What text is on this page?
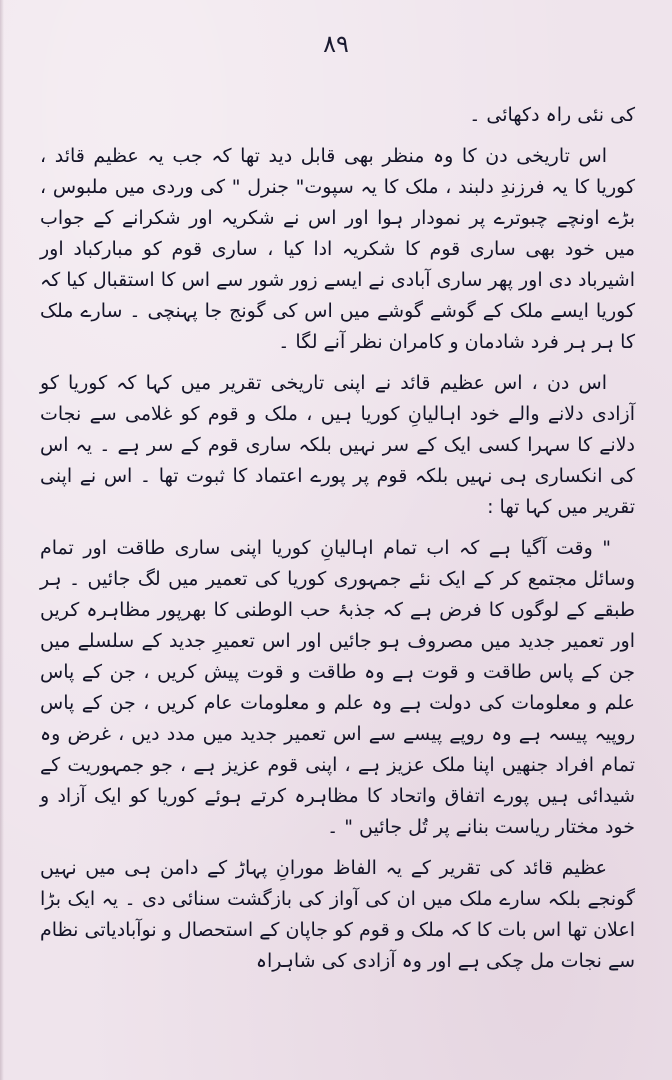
۸۹

کی نئی راہ دکھائی ۔

اس تاریخی دن کا وہ منظر بھی قابل دید تھا کہ جب یہ عظیم قائد ، کوریا کا یہ فرزندِ دلبند ، ملک کا یہ سپوت" جنرل " کی وردی میں ملبوس ، بڑے اونچے چبوترے پر نمودار ہوا اور اس نے شکریہ اور شکرانے کے جواب میں خود بھی ساری قوم کا شکریہ ادا کیا ، ساری قوم کو مبارکباد اور اشیرباد دی اور پھر ساری آبادی نے ایسے زور شور سے اس کا استقبال کیا کہ کوریا ایسے ملک کے گوشے گوشے میں اس کی گونج جا پہنچی ۔ سارے ملک کا ہر ہر فرد شادمان و کامران نظر آنے لگا ۔

اس دن ، اس عظیم قائد نے اپنی تاریخی تقریر میں کہا کہ کوریا کو آزادی دلانے والے خود اہالیانِ کوریا ہیں ، ملک و قوم کو غلامی سے نجات دلانے کا سہرا کسی ایک کے سر نہیں بلکہ ساری قوم کے سر ہے ۔ یہ اس کی انکساری ہی نہیں بلکہ قوم پر پورے اعتماد کا ثبوت تھا ۔ اس نے اپنی تقریر میں کہا تھا :

" وقت آگیا ہے کہ اب تمام اہالیانِ کوریا اپنی ساری طاقت اور تمام وسائل مجتمع کر کے ایک نئے جمہوری کوریا کی تعمیر میں لگ جائیں ۔ ہر طبقے کے لوگوں کا فرض ہے کہ جذبۂ حب الوطنی کا بھرپور مظاہرہ کریں اور تعمیر جدید میں مصروف ہو جائیں اور اس تعمیرِ جدید کے سلسلے میں جن کے پاس طاقت و قوت ہے وہ طاقت و قوت پیش کریں ، جن کے پاس علم و معلومات کی دولت ہے وہ علم و معلومات عام کریں ، جن کے پاس روپیہ پیسہ ہے وہ روپے پیسے سے اس تعمیر جدید میں مدد دیں ، غرض وہ تمام افراد جنھیں اپنا ملک عزیز ہے ، اپنی قوم عزیز ہے ، جو جمہوریت کے شیدائی ہیں پورے اتفاق واتحاد کا مظاہرہ کرتے ہوئے کوریا کو ایک آزاد و خود مختار ریاست بنانے پر تُل جائیں " ۔

عظیم قائد کی تقریر کے یہ الفاظ مورانِ پہاڑ کے دامن ہی میں نہیں گونجے بلکہ سارے ملک میں ان کی آواز کی بازگشت سنائی دی ۔ یہ ایک بڑا اعلان تھا اس بات کا کہ ملک و قوم کو جاپان کے استحصال و نوآبادیاتی نظام سے نجات مل چکی ہے اور وہ آزادی کی شاہراہ
